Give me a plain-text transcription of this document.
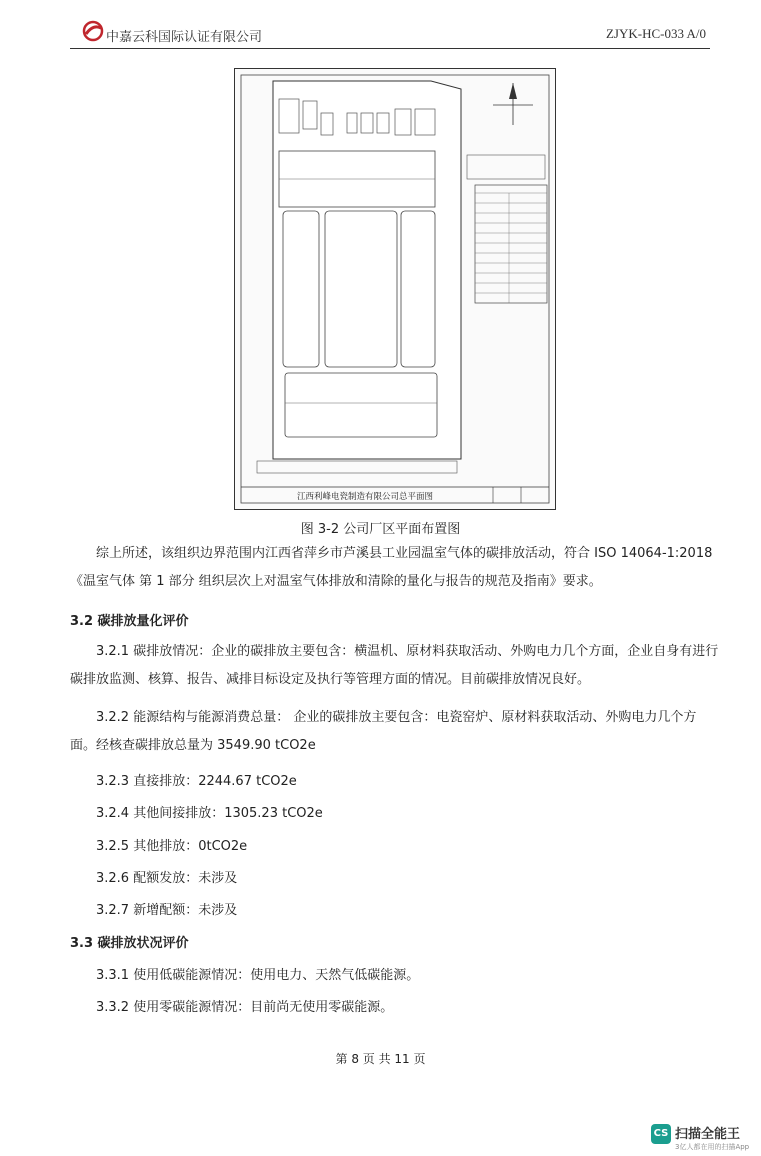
中嘉云科国际认证有限公司	ZJYK-HC-033 A/0
江西利峰电瓷制造有限公司总平面图
图 3-2 公司厂区平面布置图
综上所述，该组织边界范围内江西省萍乡市芦溪县工业园温室气体的碳排放活动，符合 ISO 14064-1:2018《温室气体 第 1 部分 组织层次上对温室气体排放和清除的量化与报告的规范及指南》要求。
3.2 碳排放量化评价
3.2.1 碳排放情况：企业的碳排放主要包含：横温机、原材料获取活动、外购电力几个方面，企业自身有进行碳排放监测、核算、报告、减排目标设定及执行等管理方面的情况。目前碳排放情况良好。
3.2.2 能源结构与能源消费总量： 企业的碳排放主要包含：电瓷窑炉、原材料获取活动、外购电力几个方面。经核查碳排放总量为 3549.90 tCO2e
3.2.3 直接排放：2244.67 tCO2e
3.2.4 其他间接排放：1305.23 tCO2e
3.2.5 其他排放：0tCO2e
3.2.6 配额发放：未涉及
3.2.7 新增配额：未涉及
3.3 碳排放状况评价
3.3.1 使用低碳能源情况：使用电力、天然气低碳能源。
3.3.2 使用零碳能源情况：目前尚无使用零碳能源。
第 8 页 共 11 页
CS 扫描全能王
3亿人都在用的扫描App
